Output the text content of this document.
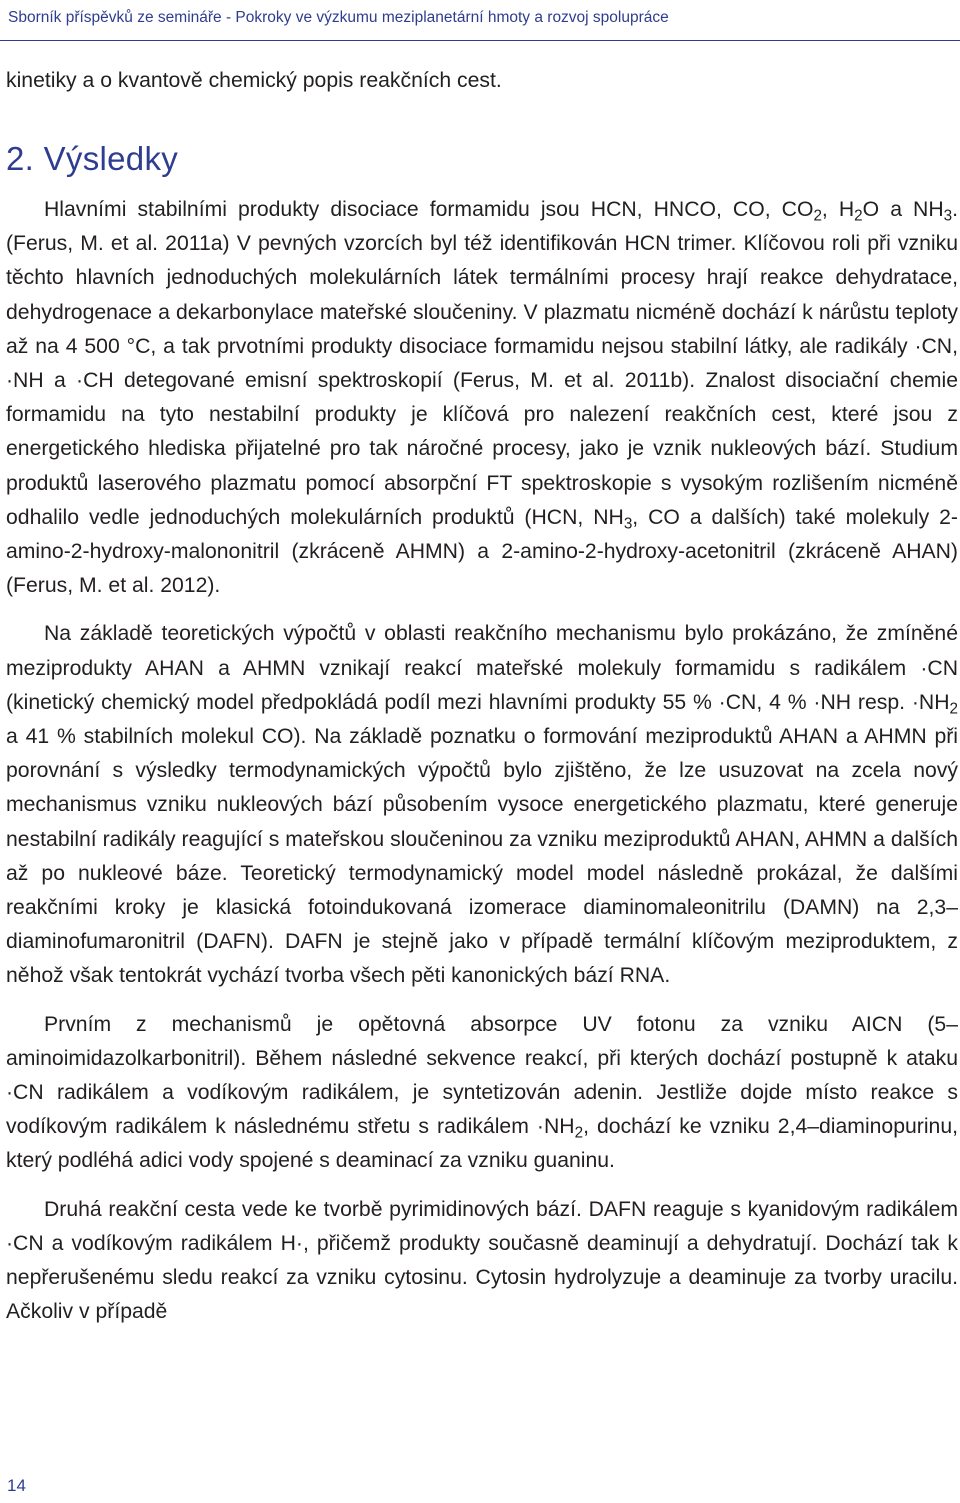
Sborník příspěvků ze semináře - Pokroky ve výzkumu meziplanetární hmoty a rozvoj spolupráce
kinetiky a o kvantově chemický popis reakčních cest.
2. Výsledky

Hlavními stabilními produkty disociace formamidu jsou HCN, HNCO, CO, $CO_2$, $H_2O$ a $NH_3.(Ferus$, M. et al. 2011a) V pevných vzorcích byl též identifikován HCN trimer. Klíčovou roli při vzniku těchto hlavních jednoduchých molekulárních látek termálními procesy hrají reakce dehydratace, dehydrogenace a dekarbonylace mateřské sloučeniny. V plazmatu nicméně dochází k nárůstu teploty až na 4 500 °C, a tak prvotními produkty disociace formamidu nejsou stabilní látky, ale radikály ·CN, ·NH a ·CH detegované emisní spektroskopií (Ferus, M. et al. 2011b). Znalost disociační chemie formamidu na tyto nestabilní produkty je klíčová pro nalezení reakčních cest, které jsou z energetického hlediska přijatelné pro tak náročné procesy, jako je vznik nukleových bází. Studium produktů laserového plazmatu pomocí absorpční FT spektroskopie s vysokým rozlišením nicméně odhalilo vedle jednoduchých molekulárních produktů (HCN, $NH_3$, CO a dalších) také molekuly 2-amino-2-hydroxy-malononitril (zkráceně AHMN) a 2-amino-2-hydroxy-acetonitril (zkráceně AHAN) (Ferus, M. et al. 2012).

Na základě teoretických výpočtů v oblasti reakčního mechanismu bylo prokázáno, že zmíněné meziprodukty AHAN a AHMN vznikají reakcí mateřské molekuly formamidu s radikálem ·CN (kinetický chemický model předpokládá podíl mezi hlavními produkty 55 % ·CN, 4 % ·NH resp. $\cdot NH_2$ a 41 % stabilních molekul CO). Na základě poznatku o formování meziproduktů AHAN a AHMN při porovnání s výsledky termodynamických výpočtů bylo zjištěno, že lze usuzovat na zcela nový mechanismus vzniku nukleových bází působením vysoce energetického plazmatu, které generuje nestabilní radikály reagující s mateřskou sloučeninou za vzniku meziproduktů AHAN, AHMN a dalších až po nukleové báze. Teoretický termodynamický model model následně prokázal, že dalšími reakčními kroky je klasická fotoindukovaná izomerace diaminomaleonitrilu (DAMN) na 2,3–diaminofumaronitril (DAFN). DAFN je stejně jako v případě termální klíčovým meziproduktem, z něhož však tentokrát vychází tvorba všech pěti kanonických bází RNA.

Prvním z mechanismů je opětovná absorpce UV fotonu za vzniku AICN (5–aminoimidazolkarbonitril). Během následné sekvence reakcí, při kterých dochází postupně k ataku ·CN radikálem a vodíkovým radikálem, je syntetizován adenin. Jestliže dojde místo reakce s vodíkovým radikálem k následnému střetu s radikálem $\cdot NH_2$, dochází ke vzniku 2,4–diaminopurinu, který podléhá adici vody spojené s deaminací za vzniku guaninu.

Druhá reakční cesta vede ke tvorbě pyrimidinových bází. DAFN reaguje s kyanidovým radikálem ·CN a vodíkovým radikálem H·, přičemž produkty současně deaminují a dehydratují. Dochází tak k nepřerušenému sledu reakcí za vzniku cytosinu. Cytosin hydrolyzuje a deaminuje za tvorby uracilu. Ačkoliv v případě

14
